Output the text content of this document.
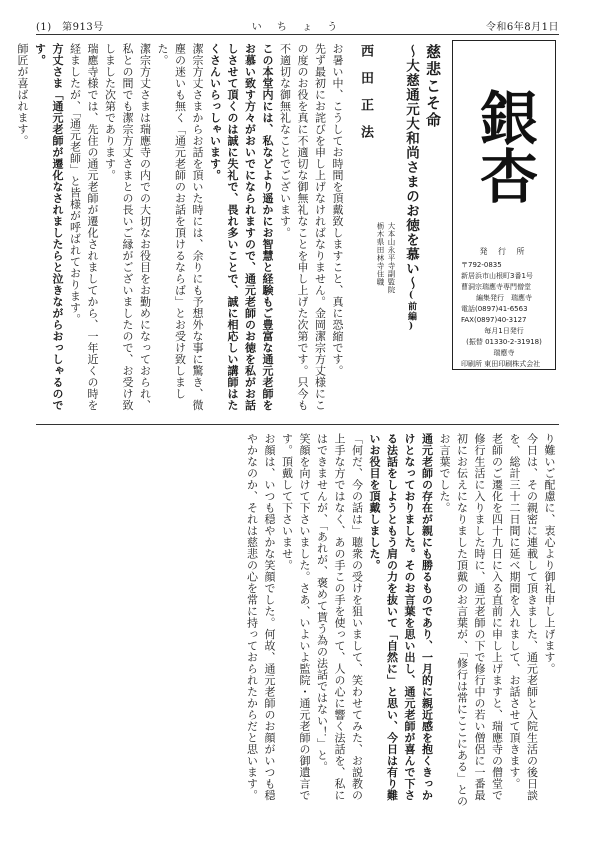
(1)　第913号	い ち ょ う	令和6年8月1日
銀杏
発 行 所
〒792-0835
新居浜市山根町3番1号
曹洞宗瑞應寺専門僧堂
編集発行　瑞應寺
電話(0897)41-6563
FAX(0897)40-3127
毎月1日発行
(振替 01330-2-31918)
瑞應寺
印刷所 東田印刷株式会社
慈悲こそ命
～大慈通元大和尚さまのお徳を慕い～(前編)
大本山永平寺副監院
栃木県田林寺住職
西田正法

お暑い中、こうしてお時間を頂戴致しますこと、真に恐縮です。

先ず最初にお詫びを申し上げなければなりません。金岡潔宗方丈様にこの度のお役を真に不適切な御無礼なことを申し上げた次第です。只今も不適切な御無礼なことでございます。

この本堂内には、私などより遥かにお智慧と経験もご豊富な通元老師をお慕い致す方々がおいでになられますので、通元老師のお徳を私がお話しさせて頂くのは誠に失礼で、畏れ多いことで、誠に相応しい講師はたくさんいらっしゃいます。

潔宗方丈さまからお話を頂いた時には、余りにも予想外な事に驚き、微塵の迷いも無く「通元老師のお話を頂けるならば」とお受け致しました。

潔宗方丈さまは瑞應寺の内での大切なお役目をお勤めになっておられ、私との間でも潔宗方丈さまとの長いご縁がございましたので、お受け致しました次第であります。

瑞應寺様では、先住の通元老師が遷化されましてから、一年近くの時を経ましたが、「通元老師」と皆様が呼ばれております。

方丈さま「通元老師が遷化なされましたらと泣きながらおっしゃるのです。

師匠が喜ばれます。

り難いご配慮に、衷心より御礼申し上げます。

今日は、その親密に連載して頂きました、通元老師と入院生活の後日談を、総計三十二日間に延べ期間を入れまして、お話させて頂きます。

老師のご遷化を四十九日に入る直前に申し上げますと、瑞應寺の僧堂で修行生活に入りました時に、通元老師の下で修行中の若い僧侶に一番最初にお伝えになりました頂戴のお言葉が、「修行は常にここにある」とのお言葉でした。

通元老師の存在が親にも勝るものであり、一月的に親近感を抱くきっかけとなっておりました。そのお言葉を思い出し、通元老師が喜んで下さる法話をしようともう肩の力を抜いて「自然に」と思い、今日は有り難いお役目を頂戴しました。

「何だ、今の話は」聴衆の受けを狙いまして、笑わせてみた、お説教の上手な方ではなく、あの手この手を使って、人の心に響く法話を、私にはできませんが、「あれが、褒めて貰う為の法話ではない！」と。

笑顔を向けて下さいました。さあ、いよいよ監院・通元老師の御遺言です。頂戴して下さいませ。

お顔は、いつも穏やかな笑顔でした。何故、通元老師のお顔がいつも穏やかなのか、それは慈悲の心を常に持っておられたからだと思います。
